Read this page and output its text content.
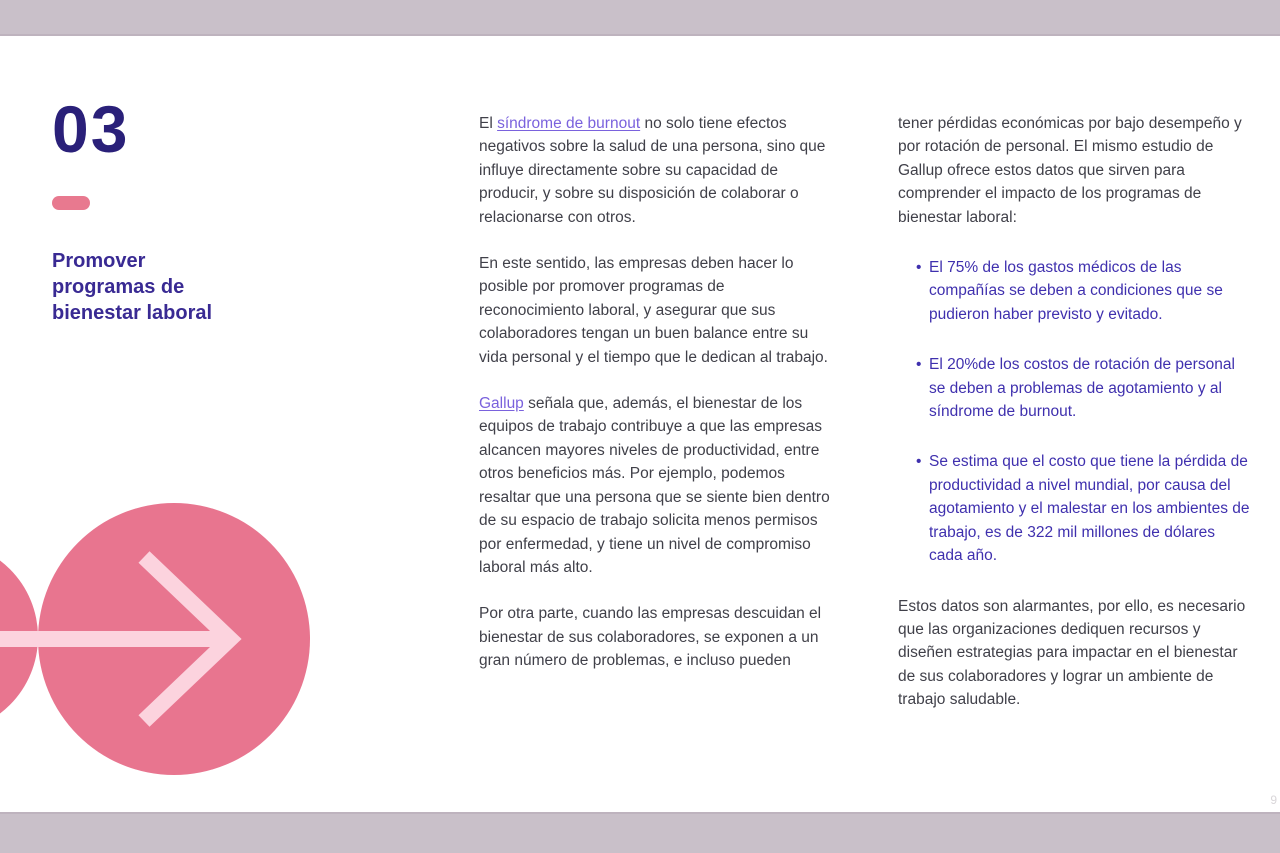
03
Promover programas de bienestar laboral

El síndrome de burnout no solo tiene efectos negativos sobre la salud de una persona, sino que influye directamente sobre su capacidad de producir, y sobre su disposición de colaborar o relacionarse con otros.

En este sentido, las empresas deben hacer lo posible por promover programas de reconocimiento laboral, y asegurar que sus colaboradores tengan un buen balance entre su vida personal y el tiempo que le dedican al trabajo.

Gallup señala que, además, el bienestar de los equipos de trabajo contribuye a que las empresas alcancen mayores niveles de productividad, entre otros beneficios más. Por ejemplo, podemos resaltar que una persona que se siente bien dentro de su espacio de trabajo solicita menos permisos por enfermedad, y tiene un nivel de compromiso laboral más alto.

Por otra parte, cuando las empresas descuidan el bienestar de sus colaboradores, se exponen a un gran número de problemas, e incluso pueden

tener pérdidas económicas por bajo desempeño y por rotación de personal. El mismo estudio de Gallup ofrece estos datos que sirven para comprender el impacto de los programas de bienestar laboral:

• El 75% de los gastos médicos de las compañías se deben a condiciones que se pudieron haber previsto y evitado.
• El 20%de los costos de rotación de personal se deben a problemas de agotamiento y al síndrome de burnout.
• Se estima que el costo que tiene la pérdida de productividad a nivel mundial, por causa del agotamiento y el malestar en los ambientes de trabajo, es de 322 mil millones de dólares cada año.

Estos datos son alarmantes, por ello, es necesario que las organizaciones dediquen recursos y diseñen estrategias para impactar en el bienestar de sus colaboradores y lograr un ambiente de trabajo saludable.

9
